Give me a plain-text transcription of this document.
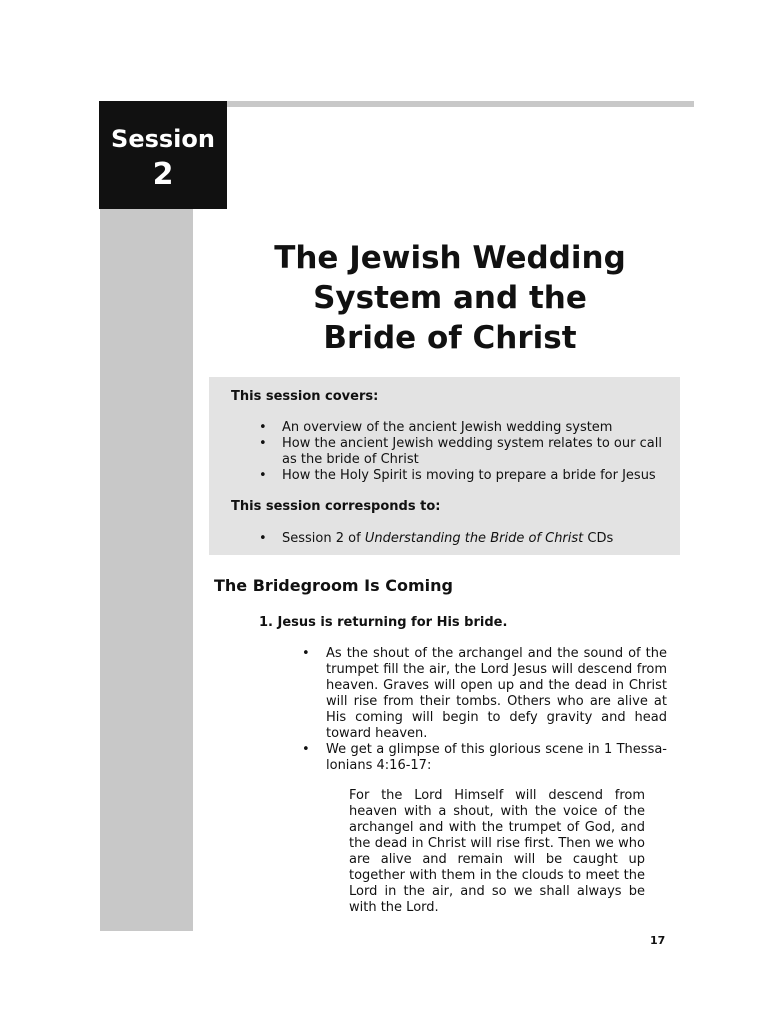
Session
2
The Jewish Wedding
System and the
Bride of Christ
This session covers:
• An overview of the ancient Jewish wedding system
• How the ancient Jewish wedding system relates to our call as the bride of Christ
• How the Holy Spirit is moving to prepare a bride for Jesus
This session corresponds to:
• Session 2 of Understanding the Bride of Christ CDs
The Bridegroom Is Coming
1. Jesus is returning for His bride.
• As the shout of the archangel and the sound of the trumpet fill the air, the Lord Jesus will descend from heaven. Graves will open up and the dead in Christ will rise from their tombs. Others who are alive at His coming will begin to defy gravity and head toward heaven.
• We get a glimpse of this glorious scene in 1 Thessa-lonians 4:16-17:
For the Lord Himself will descend from heaven with a shout, with the voice of the archangel and with the trumpet of God, and the dead in Christ will rise first. Then we who are alive and remain will be caught up together with them in the clouds to meet the Lord in the air, and so we shall always be with the Lord.
17
